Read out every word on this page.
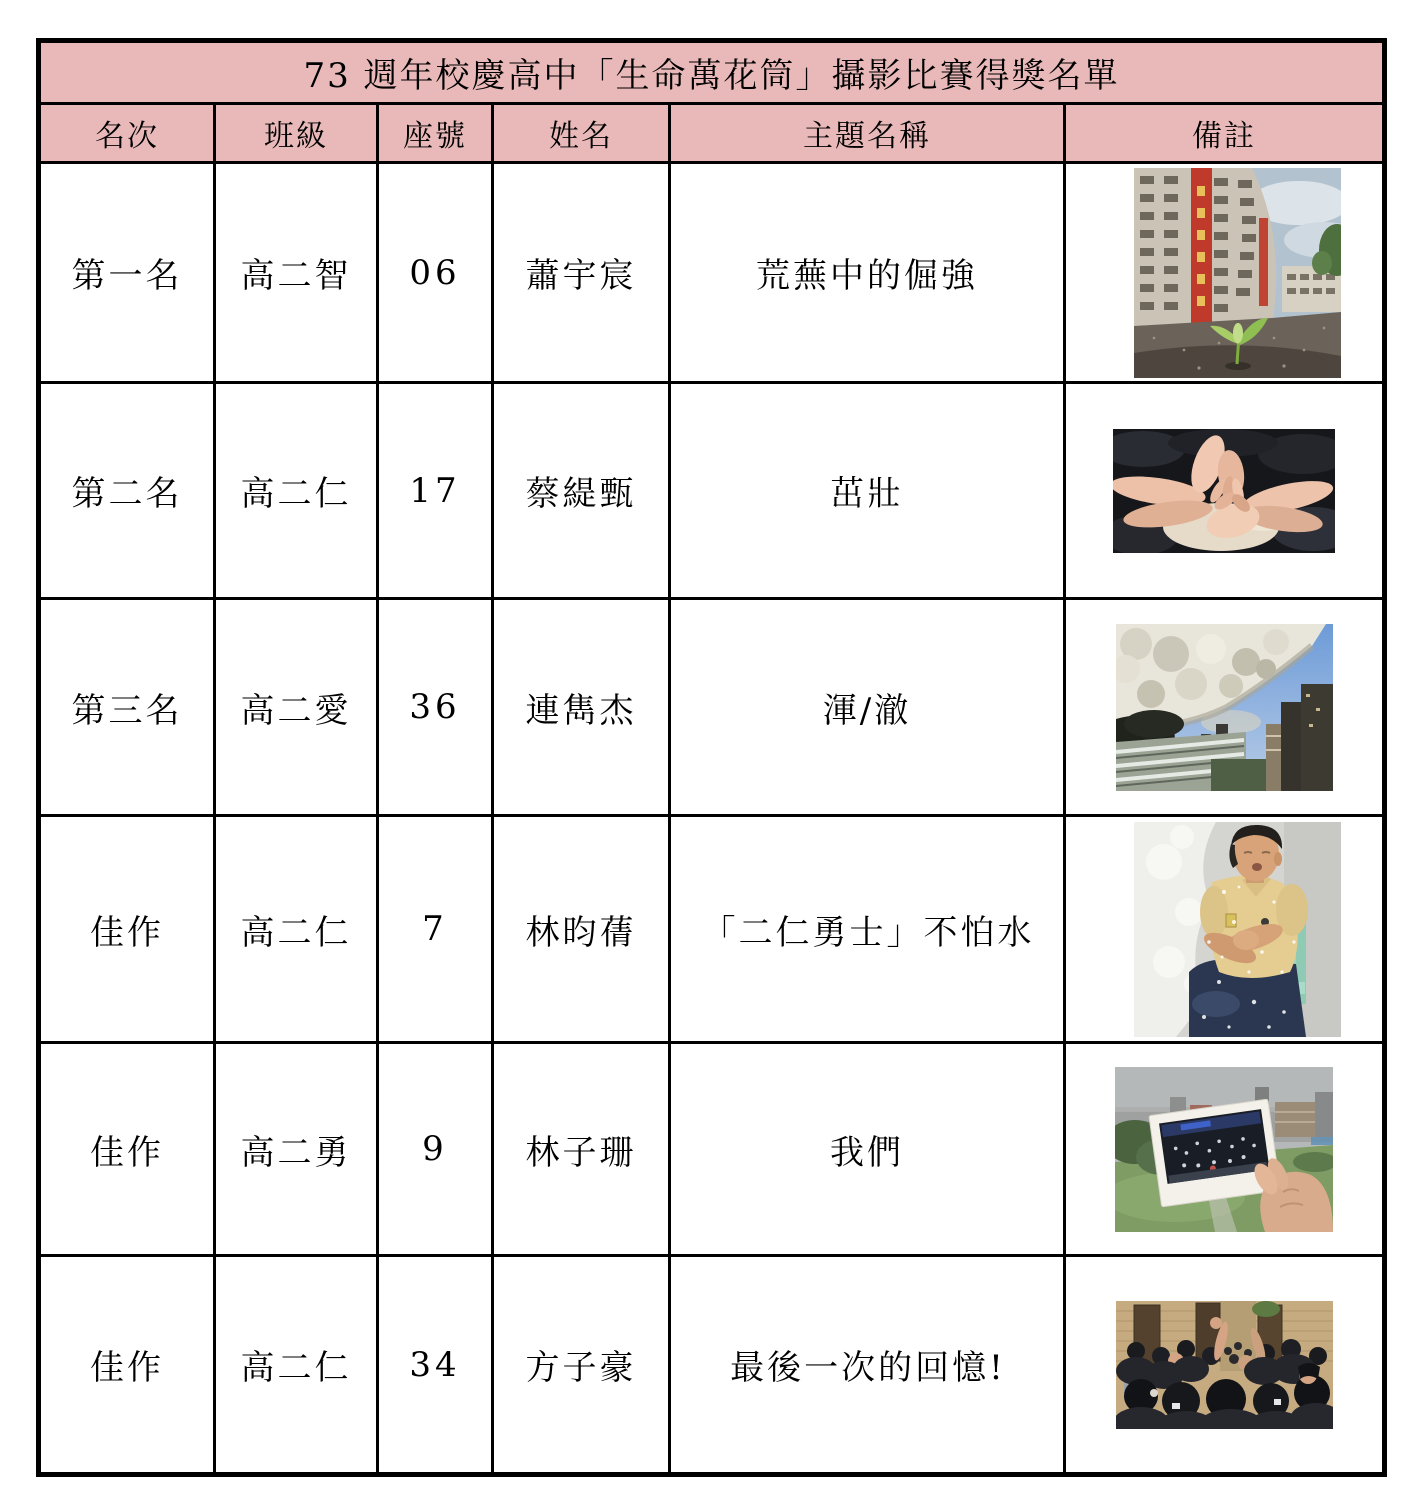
73 週年校慶高中「生命萬花筒」攝影比賽得獎名單					
名次	班級	座號	姓名	主題名稱	備註
第一名	高二智	06	蕭宇宸	荒蕪中的倔強	

第二名	高二仁	17	蔡緹甄	茁壯	

第三名	高二愛	36	連雋杰	渾/澈	

佳作	高二仁	7	林昀蒨	「二仁勇士」不怕水	

佳作	高二勇	9	林子珊	我們	

佳作	高二仁	34	方子豪	最後一次的回憶!	
